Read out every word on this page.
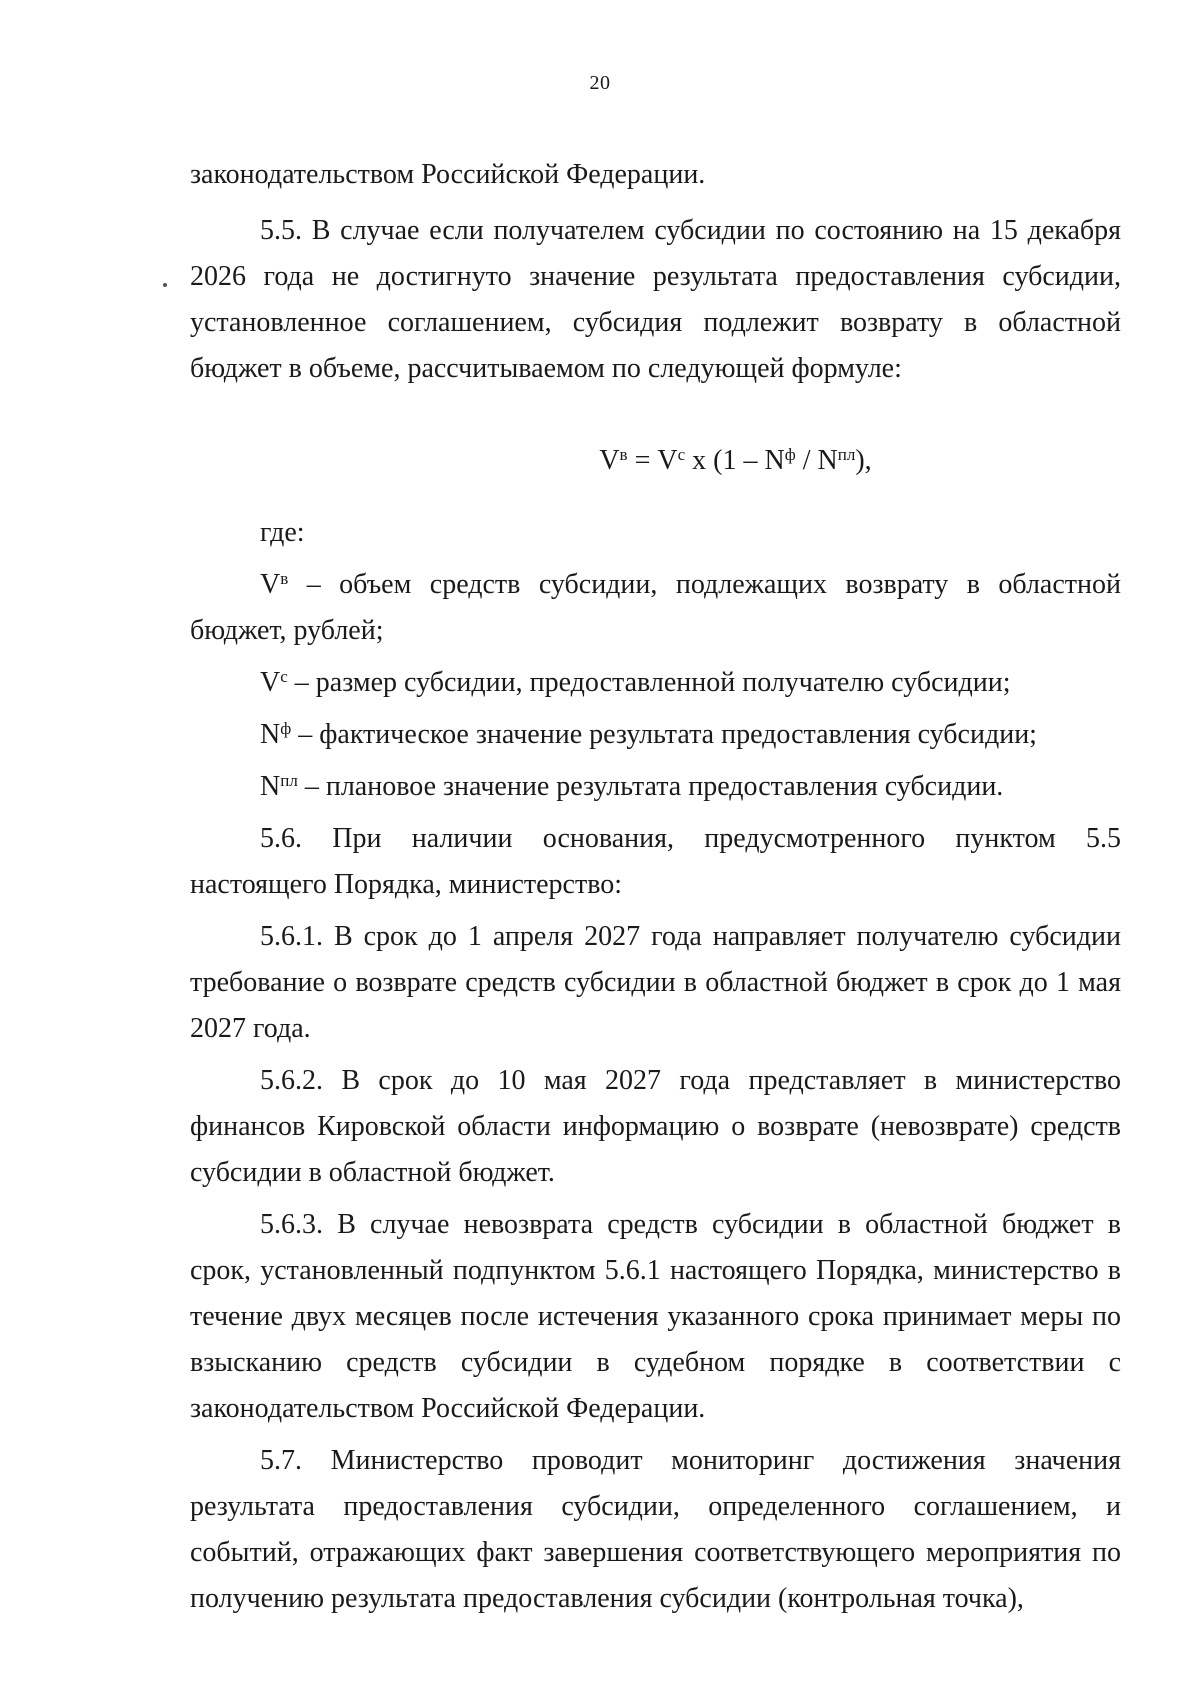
20

законодательством Российской Федерации.

5.5. В случае если получателем субсидии по состоянию на 15 декабря 2026 года не достигнуто значение результата предоставления субсидии, установленное соглашением, субсидия подлежит возврату в областной бюджет в объеме, рассчитываемом по следующей формуле:

$V^в = V^с$ x $(1 - N^ф / N^{пл})$,

где:

$V^в$ – объем средств субсидии, подлежащих возврату в областной бюджет, рублей;

$V^с$ – размер субсидии, предоставленной получателю субсидии;

$N^ф$ – фактическое значение результата предоставления субсидии;

$N^{пл}$ – плановое значение результата предоставления субсидии.

5.6. При наличии основания, предусмотренного пунктом 5.5 настоящего Порядка, министерство:

5.6.1. В срок до 1 апреля 2027 года направляет получателю субсидии требование о возврате средств субсидии в областной бюджет в срок до 1 мая 2027 года.

5.6.2. В срок до 10 мая 2027 года представляет в министерство финансов Кировской области информацию о возврате (невозврате) средств субсидии в областной бюджет.

5.6.3. В случае невозврата средств субсидии в областной бюджет в срок, установленный подпунктом 5.6.1 настоящего Порядка, министерство в течение двух месяцев после истечения указанного срока принимает меры по взысканию средств субсидии в судебном порядке в соответствии с законодательством Российской Федерации.

5.7. Министерство проводит мониторинг достижения значения результата предоставления субсидии, определенного соглашением, и событий, отражающих факт завершения соответствующего мероприятия по получению результата предоставления субсидии (контрольная точка),
